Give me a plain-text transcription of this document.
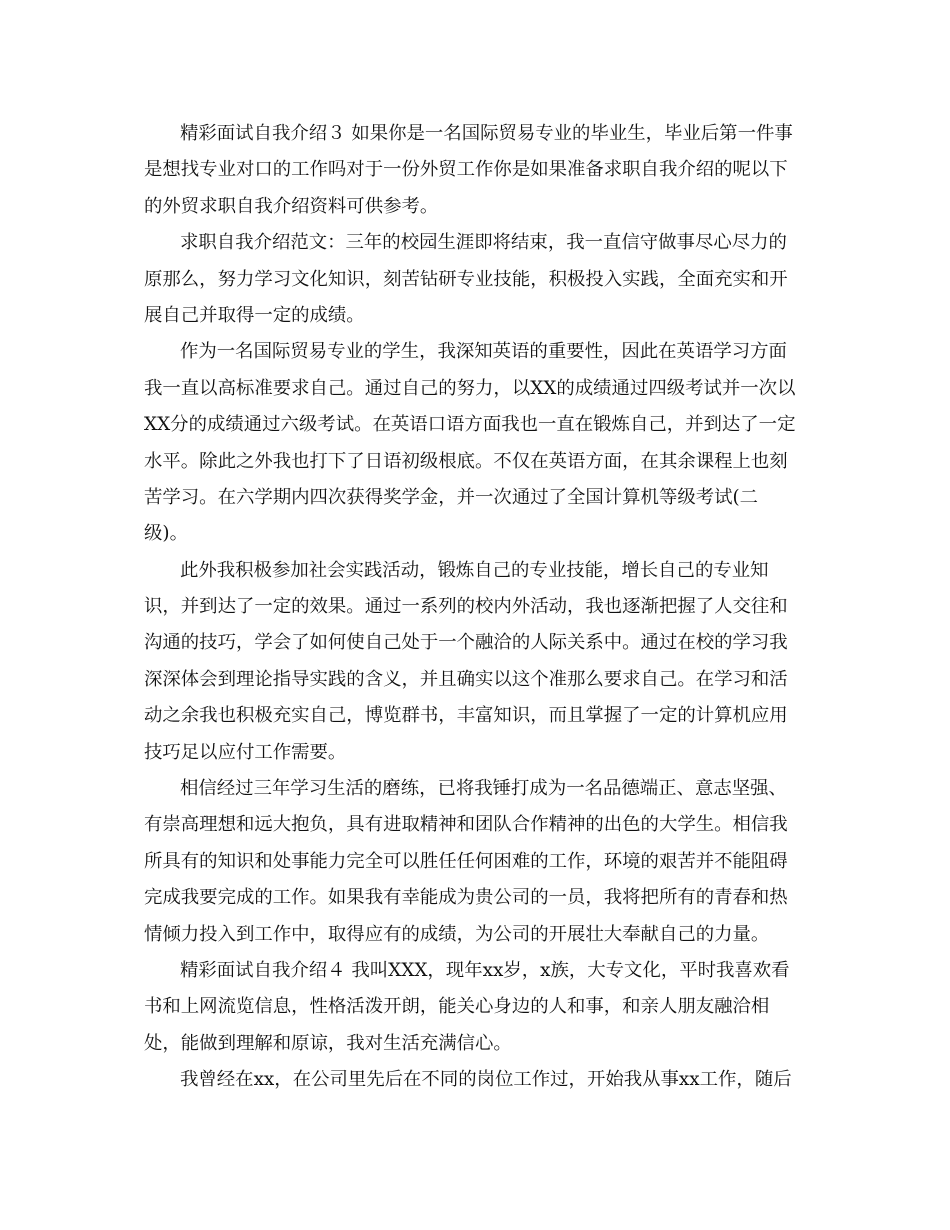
精彩面试自我介绍３ 如果你是一名国际贸易专业的毕业生，毕业后第一件事
是想找专业对口的工作吗对于一份外贸工作你是如果准备求职自我介绍的呢以下
的外贸求职自我介绍资料可供参考。
求职自我介绍范文：三年的校园生涯即将结束，我一直信守做事尽心尽力的
原那么，努力学习文化知识，刻苦钻研专业技能，积极投入实践，全面充实和开
展自己并取得一定的成绩。
作为一名国际贸易专业的学生，我深知英语的重要性，因此在英语学习方面
我一直以高标准要求自己。通过自己的努力，以XX的成绩通过四级考试并一次以
XX分的成绩通过六级考试。在英语口语方面我也一直在锻炼自己，并到达了一定
水平。除此之外我也打下了日语初级根底。不仅在英语方面，在其余课程上也刻
苦学习。在六学期内四次获得奖学金，并一次通过了全国计算机等级考试(二
级)。
此外我积极参加社会实践活动，锻炼自己的专业技能，增长自己的专业知
识，并到达了一定的效果。通过一系列的校内外活动，我也逐渐把握了人交往和
沟通的技巧，学会了如何使自己处于一个融洽的人际关系中。通过在校的学习我
深深体会到理论指导实践的含义，并且确实以这个准那么要求自己。在学习和活
动之余我也积极充实自己，博览群书，丰富知识，而且掌握了一定的计算机应用
技巧足以应付工作需要。
相信经过三年学习生活的磨练，已将我锤打成为一名品德端正、意志坚强、
有崇高理想和远大抱负，具有进取精神和团队合作精神的出色的大学生。相信我
所具有的知识和处事能力完全可以胜任任何困难的工作，环境的艰苦并不能阻碍
完成我要完成的工作。如果我有幸能成为贵公司的一员，我将把所有的青春和热
情倾力投入到工作中，取得应有的成绩，为公司的开展壮大奉献自己的力量。
精彩面试自我介绍４ 我叫XXX，现年xx岁，x族，大专文化，平时我喜欢看
书和上网流览信息，性格活泼开朗，能关心身边的人和事，和亲人朋友融洽相
处，能做到理解和原谅，我对生活充满信心。
我曾经在xx，在公司里先后在不同的岗位工作过，开始我从事xx工作，随后
